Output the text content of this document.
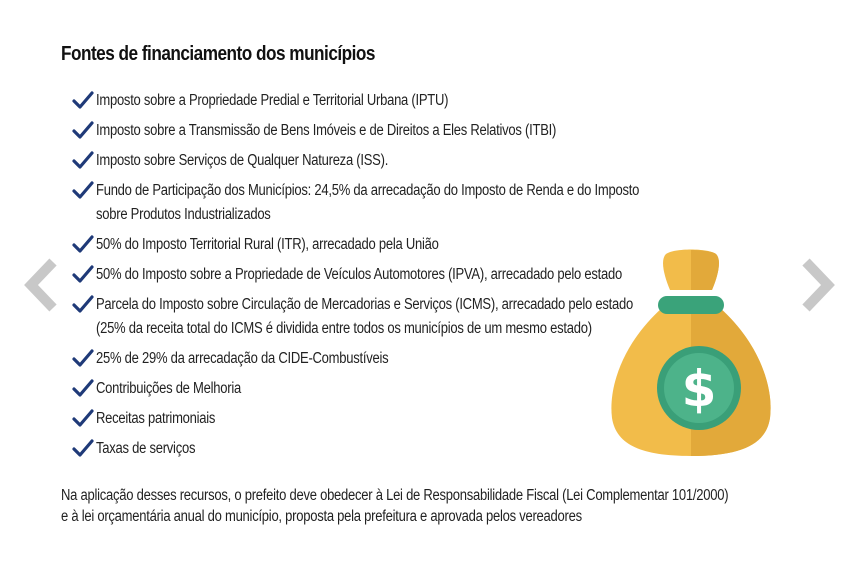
Fontes de financiamento dos municípios
Imposto sobre a Propriedade Predial e Territorial Urbana (IPTU)
Imposto sobre a Transmissão de Bens Imóveis e de Direitos a Eles Relativos (ITBI)
Imposto sobre Serviços de Qualquer Natureza (ISS).
Fundo de Participação dos Municípios: 24,5% da arrecadação do Imposto de Renda e do Imposto
sobre Produtos Industrializados
50% do Imposto Territorial Rural (ITR), arrecadado pela União
50% do Imposto sobre a Propriedade de Veículos Automotores (IPVA), arrecadado pelo estado
Parcela do Imposto sobre Circulação de Mercadorias e Serviços (ICMS), arrecadado pelo estado
(25% da receita total do ICMS é dividida entre todos os municípios de um mesmo estado)
25% de 29% da arrecadação da CIDE-Combustíveis
Contribuições de Melhoria
Receitas patrimoniais
Taxas de serviços

Na aplicação desses recursos, o prefeito deve obedecer à Lei de Responsabilidade Fiscal (Lei Complementar 101/2000)
e à lei orçamentária anual do município, proposta pela prefeitura e aprovada pelos vereadores

$
